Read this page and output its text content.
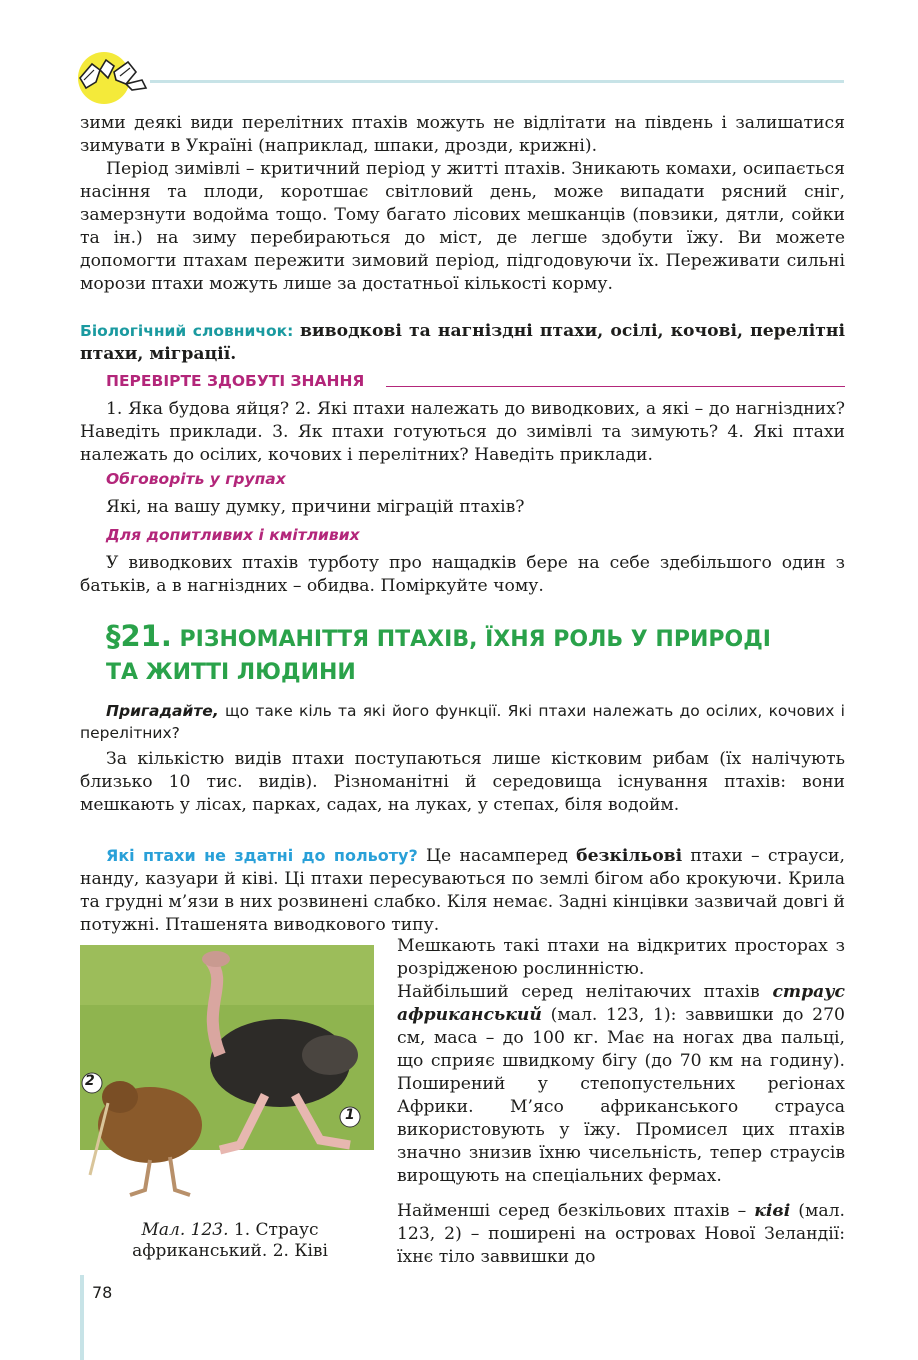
зими деякі види перелітних птахів можуть не відлітати на південь і залишатися зимувати в Україні (наприклад, шпаки, дрозди, крижні).

Період зимівлі – критичний період у житті птахів. Зникають комахи, осипається насіння та плоди, коротшає світловий день, може випадати рясний сніг, замерзнути водойма тощо. Тому багато лісових мешканців (повзики, дятли, сойки та ін.) на зиму перебираються до міст, де легше здобути їжу. Ви можете допомогти птахам пережити зимовий період, підгодовуючи їх. Переживати сильні морози птахи можуть лише за достатньої кількості корму.

Біологічний словничок: виводкові та нагніздні птахи, осілі, кочові, перелітні птахи, міграції.

ПЕРЕВІРТЕ ЗДОБУТІ ЗНАННЯ

1. Яка будова яйця? 2. Які птахи належать до виводкових, а які – до нагніздних? Наведіть приклади. 3. Як птахи готуються до зимівлі та зимують? 4. Які птахи належать до осілих, кочових і перелітних? Наведіть приклади.

Обговоріть у групах

Які, на вашу думку, причини міграцій птахів?

Для допитливих і кмітливих

У виводкових птахів турботу про нащадків бере на себе здебільшого один з батьків, а в нагніздних – обидва. Поміркуйте чому.

§21. РІЗНОМАНІТТЯ ПТАХІВ, ЇХНЯ РОЛЬ У ПРИРОДІ
ТА ЖИТТІ ЛЮДИНИ

Пригадайте, що таке кіль та які його функції. Які птахи належать до осілих, кочових і перелітних?

За кількістю видів птахи поступаються лише кістковим рибам (їх налічують близько 10 тис. видів). Різноманітні й середовища існування птахів: вони мешкають у лісах, парках, садах, на луках, у степах, біля водойм.

Які птахи не здатні до польоту? Це насамперед безкільові птахи – страуси, нанду, казуари й ківі. Ці птахи пересуваються по землі бігом або крокуючи. Крила та грудні м’язи в них розвинені слабко. Кіля немає. Задні кінцівки зазвичай довгі й потужні. Пташенята виводкового типу.

2
1
Мал. 123. 1. Страус африканський. 2. Ківі

Мешкають такі птахи на відкритих просторах з розрідженою рослинністю.

Найбільший серед нелітаючих птахів страус африканський (мал. 123, 1): заввишки до 270 см, маса – до 100 кг. Має на ногах два пальці, що сприяє швидкому бігу (до 70 км на годину). Поширений у степопустельних регіонах Африки. М’ясо африканського страуса використовують у їжу. Промисел цих птахів значно знизив їхню чисельність, тепер страусів вирощують на спеціальних фермах.

Найменші серед безкільових птахів – ківі (мал. 123, 2) – поширені на островах Нової Зеландії: їхнє тіло заввишки до

78
